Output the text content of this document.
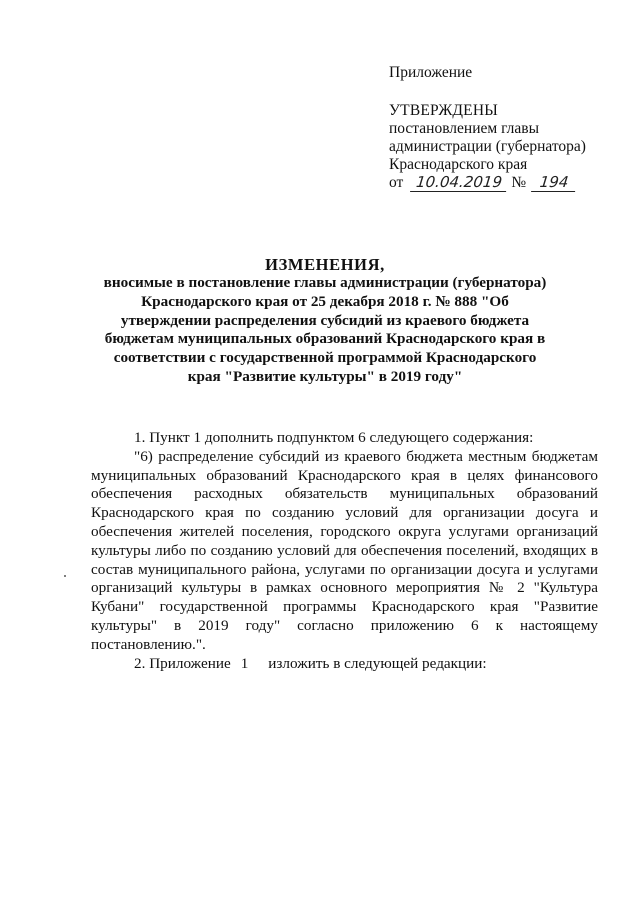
Приложение

УТВЕРЖДЕНЫ

постановлением главы

администрации (губернатора)

Краснодарского края

от 10.04.2019 № 194

ИЗМЕНЕНИЯ,

вносимые в постановление главы администрации (губернатора) Краснодарского края от 25 декабря 2018 г. № 888 "Об утверждении распределения субсидий из краевого бюджета бюджетам муниципальных образований Краснодарского края в соответствии с государственной программой Краснодарского края "Развитие культуры" в 2019 году"

1. Пункт 1 дополнить подпунктом 6 следующего содержания:

"6) распределение субсидий из краевого бюджета местным бюджетам муниципальных образований Краснодарского края в целях финансового обеспечения расходных обязательств муниципальных образований Краснодарского края по созданию условий для организации досуга и обеспечения жителей поселения, городского округа услугами организаций культуры либо по созданию условий для обеспечения поселений, входящих в состав муниципального района, услугами по организации досуга и услугами организаций культуры в рамках основного мероприятия № 2 "Культура Кубани" государственной программы Краснодарского края "Развитие культуры" в 2019 году" согласно приложению 6 к настоящему постановлению.".

2. Приложение 1 изложить в следующей редакции:
